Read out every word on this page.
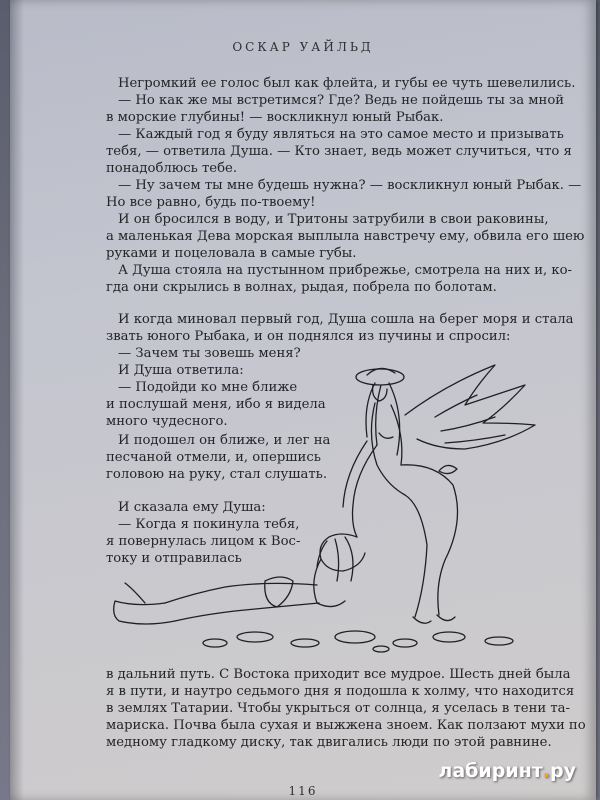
ОСКАР УАЙЛЬД
Негромкий ее голос был как флейта, и губы ее чуть шевелились.
— Но как же мы встретимся? Где? Ведь не пойдешь ты за мной
в морские глубины! — воскликнул юный Рыбак.
— Каждый год я буду являться на это самое место и призывать
тебя, — ответила Душа. — Кто знает, ведь может случиться, что я
понадоблюсь тебе.
— Ну зачем ты мне будешь нужна? — воскликнул юный Рыбак. —
Но все равно, будь по-твоему!
И он бросился в воду, и Тритоны затрубили в свои раковины,
а маленькая Дева морская выплыла навстречу ему, обвила его шею
руками и поцеловала в самые губы.
А Душа стояла на пустынном прибрежье, смотрела на них и, ко-
гда они скрылись в волнах, рыдая, побрела по болотам.
И когда миновал первый год, Душа сошла на берег моря и стала
звать юного Рыбака, и он поднялся из пучины и спросил:
— Зачем ты зовешь меня?
И Душа ответила:
— Подойди ко мне ближе
и послушай меня, ибо я видела
много чудесного.
И подошел он ближе, и лег на
песчаной отмели, и, опершись
головою на руку, стал слушать.
И сказала ему Душа:
— Когда я покинула тебя,
я повернулась лицом к Вос-
току и отправилась
в дальний путь. С Востока приходит все мудрое. Шесть дней была
я в пути, и наутро седьмого дня я подошла к холму, что находится
в землях Татарии. Чтобы укрыться от солнца, я уселась в тени та-
мариска. Почва была сухая и выжжена зноем. Как ползают мухи по
медному гладкому диску, так двигались люди по этой равнине.
116
лабиринт.ру
